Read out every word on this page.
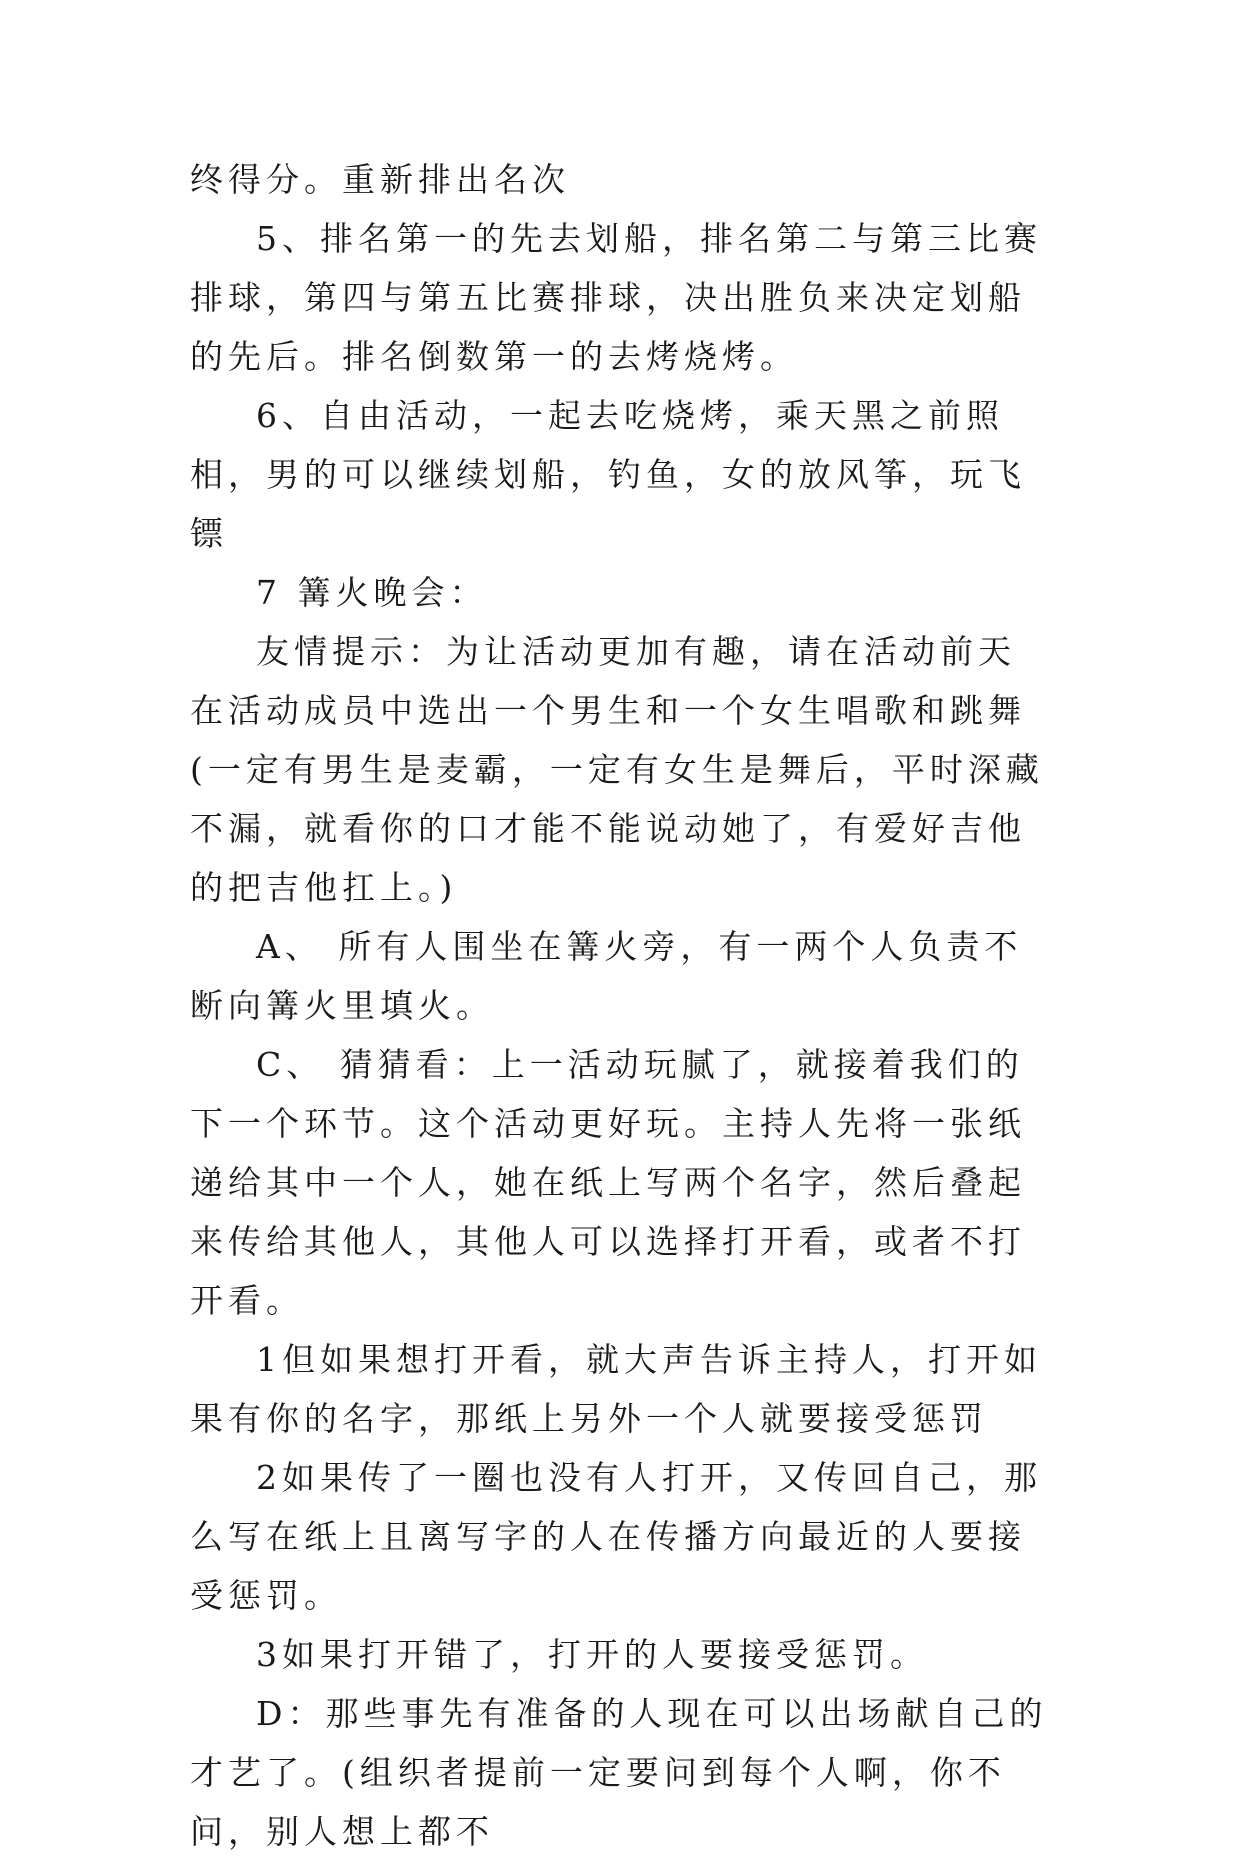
终得分。重新排出名次

5、排名第一的先去划船，排名第二与第三比赛排球，第四与第五比赛排球，决出胜负来决定划船的先后。排名倒数第一的去烤烧烤。

6、自由活动，一起去吃烧烤，乘天黑之前照相，男的可以继续划船，钓鱼，女的放风筝，玩飞镖

7 篝火晚会：

友情提示：为让活动更加有趣，请在活动前天在活动成员中选出一个男生和一个女生唱歌和跳舞(一定有男生是麦霸，一定有女生是舞后，平时深藏不漏，就看你的口才能不能说动她了，有爱好吉他的把吉他扛上。)

A、 所有人围坐在篝火旁，有一两个人负责不断向篝火里填火。

C、 猜猜看：上一活动玩腻了，就接着我们的下一个环节。这个活动更好玩。主持人先将一张纸递给其中一个人，她在纸上写两个名字，然后叠起来传给其他人，其他人可以选择打开看，或者不打开看。

1但如果想打开看，就大声告诉主持人，打开如果有你的名字，那纸上另外一个人就要接受惩罚

2如果传了一圈也没有人打开，又传回自己，那么写在纸上且离写字的人在传播方向最近的人要接受惩罚。

3如果打开错了，打开的人要接受惩罚。

D：那些事先有准备的人现在可以出场献自己的才艺了。(组织者提前一定要问到每个人啊，你不问，别人想上都不
